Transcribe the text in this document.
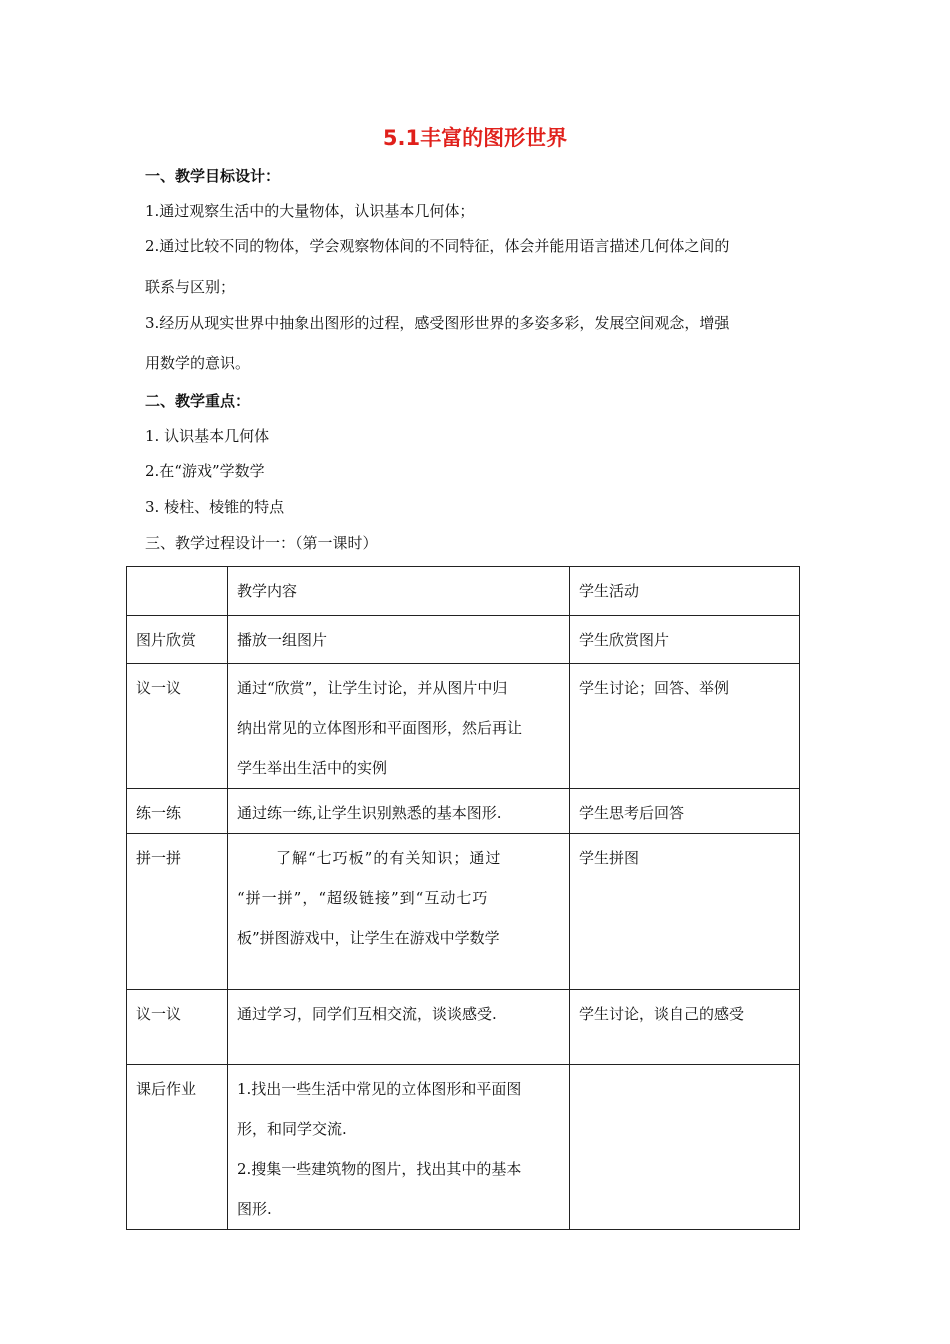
5.1丰富的图形世界
一、教学目标设计：
1.通过观察生活中的大量物体，认识基本几何体；
2.通过比较不同的物体，学会观察物体间的不同特征，体会并能用语言描述几何体之间的
联系与区别；
3.经历从现实世界中抽象出图形的过程，感受图形世界的多姿多彩，发展空间观念，增强
用数学的意识。
二、教学重点：
1. 认识基本几何体
2.在“游戏”学数学
3. 棱柱、棱锥的特点
三、教学过程设计一：（第一课时）
	教学内容	学生活动
图片欣赏	播放一组图片	学生欣赏图片
议一议	通过“欣赏”，让学生讨论，并从图片中归
纳出常见的立体图形和平面图形，然后再让
学生举出生活中的实例	学生讨论；回答、举例
练一练	通过练一练,让学生识别熟悉的基本图形.	学生思考后回答
拼一拼	了解“七巧板”的有关知识；通过
“拼一拼”，“超级链接”到“互动七巧
板”拼图游戏中，让学生在游戏中学数学	学生拼图
议一议	通过学习，同学们互相交流，谈谈感受.	学生讨论，谈自己的感受
课后作业	1.找出一些生活中常见的立体图形和平面图
形，和同学交流.
2.搜集一些建筑物的图片，找出其中的基本
图形.	
